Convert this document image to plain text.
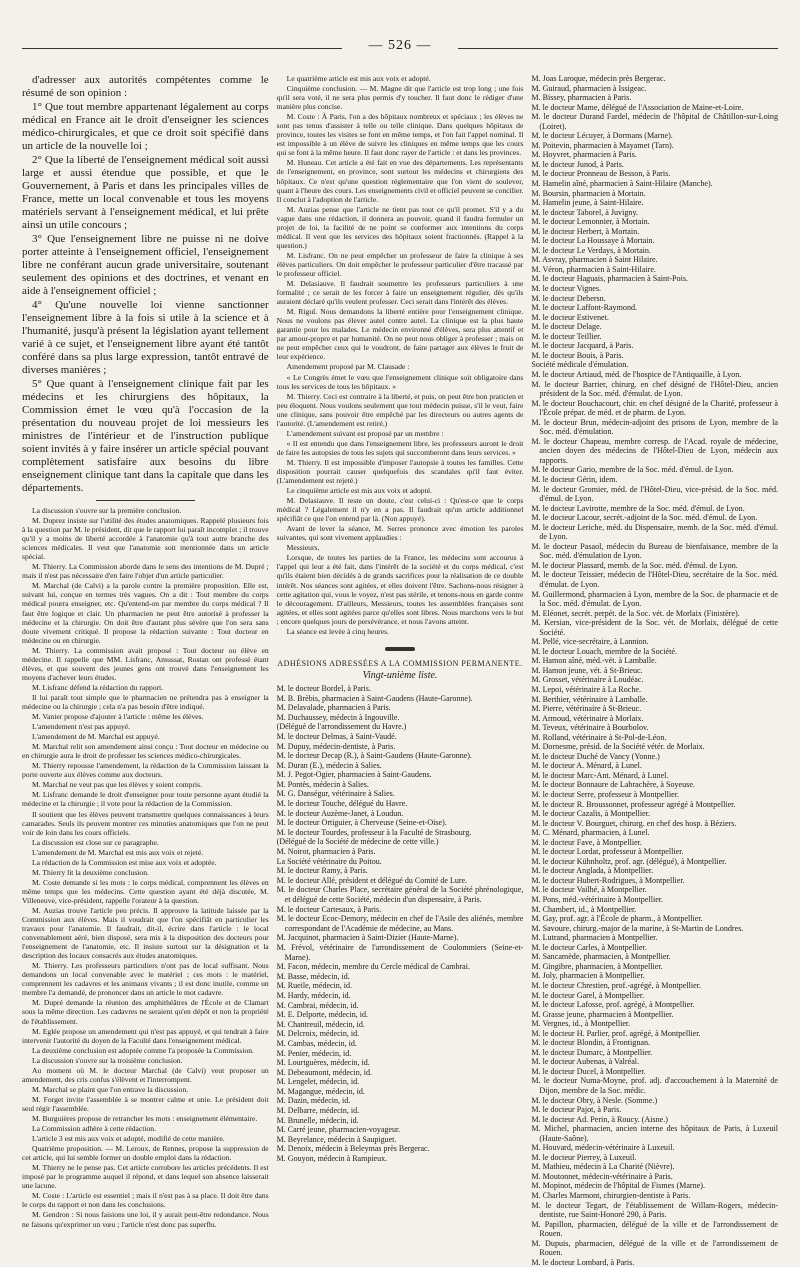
— 526 —

d'adresser aux autorités compétentes comme le résumé de son opinion :

1° Que tout membre appartenant légalement au corps médical en France ait le droit d'enseigner les sciences médico-chirurgicales, et que ce droit soit spécifié dans un article de la nouvelle loi ;

2° Que la liberté de l'enseignement médical soit aussi large et aussi étendue que possible, et que le Gouvernement, à Paris et dans les principales villes de France, mette un local convenable et tous les moyens matériels servant à l'enseignement médical, et lui prête ainsi un utile concours ;

3° Que l'enseignement libre ne puisse ni ne doive porter atteinte à l'enseignement officiel, l'enseignement libre ne conférant aucun grade universitaire, soutenant seulement des opinions et des doctrines, et venant en aide à l'enseignement officiel ;

4° Qu'une nouvelle loi vienne sanctionner l'enseignement libre à la fois si utile à la science et à l'humanité, jusqu'à présent la législation ayant tellement varié à ce sujet, et l'enseignement libre ayant été tantôt conféré dans sa plus large expression, tantôt entravé de diverses manières ;

5° Que quant à l'enseignement clinique fait par les médecins et les chirurgiens des hôpitaux, la Commission émet le vœu qu'à l'occasion de la présentation du nouveau projet de loi messieurs les ministres de l'intérieur et de l'instruction publique soient invités à y faire insérer un article spécial pouvant complètement satisfaire aux besoins du libre enseignement clinique tant dans la capitale que dans les départements.

La discussion s'ouvre sur la première conclusion.

M. Duprez insiste sur l'utilité des études anatomiques. Rappelé plusieurs fois à la question par M. le président, dit que le rapport lui paraît incomplet ; il trouve qu'il y a moins de liberté accordée à l'anatomie qu'à tout autre branche des sciences médicales. Il veut que l'anatomie soit mentionnée dans un article spécial.

M. Thierry. La Commission aborde dans le sens des intentions de M. Dupré ; mais il n'est pas nécessaire d'en faire l'objet d'un article particulier.

M. Marchal (de Calvi) a la parole contre la première proposition. Elle est, suivant lui, conçue en termes très vagues. On a dit : Tout membre du corps médical pourra enseigner, etc. Qu'entend-on par membre du corps médical ? Il faut être logique et clair. Un pharmacien ne peut être autorisé à professer la médecine et la chirurgie. On doit être d'autant plus sévère que l'on sera sans doute vivement critiqué. Il propose la rédaction suivante : Tout docteur en médecine ou en chirurgie.

M. Thierry. La commission avait proposé : Tout docteur ou élève en médecine. Il rappelle que MM. Lisfranc, Amussat, Rostan ont professé étant élèves, et que souvent des jeunes gens ont trouvé dans l'enseignement les moyens d'achever leurs études.

M. Lisfranc défend la rédaction du rapport.

Il lui paraît tout simple que le pharmacien ne prétendra pas à enseigner la médecine ou la chirurgie ; cela n'a pas besoin d'être indiqué.

M. Vanier propose d'ajouter à l'article : même les élèves.

L'amendement n'est pas appuyé.

L'amendement de M. Marchal est appuyé.

M. Marchal relit son amendement ainsi conçu : Tout docteur en médecine ou en chirurgie aura le droit de professer les sciences médico-chirurgicales.

M. Thierry repousse l'amendement, la rédaction de la Commission laissant la porte ouverte aux élèves comme aux docteurs.

M. Marchal ne veut pas que les élèves y soient compris.

M. Lisfranc demande le droit d'enseigner pour toute personne ayant étudié la médecine et la chirurgie ; il vote pour la rédaction de la Commission.

Il soutient que les élèves peuvent transmettre quelques connaissances à leurs camarades. Seuls ils peuvent montrer ces minuties anatomiques que l'on ne peut voir de loin dans les cours officiels.

La discussion est close sur ce paragraphe.

L'amendement de M. Marchal est mis aux voix et rejeté.

La rédaction de la Commission est mise aux voix et adoptée.

M. Thierry lit la deuxième conclusion.

M. Coste demande si les mots : le corps médical, comprennent les élèves en même temps que les médecins. Cette question ayant été déjà discutée, M. Villeneuve, vice-président, rappelle l'orateur à la question.

M. Auzias trouve l'article peu précis. Il approuve la latitude laissée par la Commission aux élèves. Mais il voudrait que l'on spécifiât en particulier les travaux pour l'anatomie. Il faudrait, dit-il, écrire dans l'article : le local convenablement aéré, bien disposé, sera mis à la disposition des docteurs pour l'enseignement de l'anatomie, etc. Il insiste surtout sur la désignation et la description des locaux consacrés aux études anatomiques.

M. Thierry. Les professeurs particuliers n'ont pas de local suffisant. Nous demandons un local convenable avec le matériel ; ces mots : le matériel, comprennent les cadavres et les animaux vivants ; il est donc inutile, comme un membre l'a demandé, de prononcer dans un article le mot cadavre.

M. Dupré demande la réunion des amphithéâtres de l'École et de Clamart sous la même direction. Les cadavres ne seraient qu'en dépôt et non la propriété de l'établissement.

M. Eglée propose un amendement qui n'est pas appuyé, et qui tendrait à faire intervenir l'autorité du doyen de la Faculté dans l'enseignement médical.

La deuxième conclusion est adoptée comme l'a proposée la Commission.

La discussion s'ouvre sur la troisième conclusion.

Au moment où M. le docteur Marchal (de Calvi) veut proposer un amendement, des cris confus s'élèvent et l'interrompent.

M. Marchal se plaint que l'on entrave la discussion.

M. Forget invite l'assemblée à se montrer calme et unie. Le président doit seul régir l'assemblée.

M. Burguières propose de retrancher les mots : enseignement élémentaire.

La Commission adhère à cette rédaction.

L'article 3 est mis aux voix et adopté, modifié de cette manière.

Quatrième proposition. — M. Leroux, de Rennes, propose la suppression de cet article, qui lui semble former un double emploi dans la rédaction.

M. Thierry ne le pense pas. Cet article corrobore les articles précédents. Il est imposé par le programme auquel il répond, et dans lequel son absence laisserait une lacune.

M. Coste : L'article est essentiel ; mais il n'est pas à sa place. Il doit être dans le corps du rapport et non dans les conclusions.

M. Gendron : Si nous faisions une loi, il y aurait peut-être redondance. Nous ne faisons qu'exprimer un vœu ; l'article n'est donc pas superflu.

Le quatrième article est mis aux voix et adopté.

Cinquième conclusion. — M. Magne dit que l'article est trop long ; une fois qu'il sera voté, il ne sera plus permis d'y toucher. Il faut donc le rédiger d'une manière plus concise.

M. Coste : À Paris, l'on a des hôpitaux nombreux et spéciaux ; les élèves ne sont pas tenus d'assister à telle ou telle clinique. Dans quelques hôpitaux de province, toutes les visites se font en même temps, et l'on fait l'appel nominal. Il est impossible à un élève de suivre les cliniques en même temps que les cours qui se font à la même heure. Il faut donc rayer de l'article : et dans les provinces.

M. Huneau. Cet article a été fait en vue des départements. Les représentants de l'enseignement, en province, sont surtout les médecins et chirurgiens des hôpitaux. Ce n'est qu'une question réglementaire que l'on vient de soulever, quant à l'heure des cours. Les enseignements civil et officiel peuvent se concilier. Il conclut à l'adoption de l'article.

M. Auzias pense que l'article ne tient pas tout ce qu'il promet. S'il y a du vague dans une rédaction, il donnera au pouvoir, quand il faudra formuler un projet de loi, la facilité de ne point se conformer aux intentions du corps médical. Il veut que les services des hôpitaux soient fractionnés. (Rappel à la question.)

M. Lisfranc. On ne peut empêcher un professeur de faire la clinique à ses élèves particuliers. On doit empêcher le professeur particulier d'être tracassé par le professeur officiel.

M. Delasiauve. Il faudrait soumettre les professeurs particuliers à une formalité ; ce serait de les forcer à faire un enseignement régulier, dès qu'ils auraient déclaré qu'ils veulent professer. Ceci serait dans l'intérêt des élèves.

M. Riguî. Nous demandons la liberté entière pour l'enseignement clinique. Nous ne voulons pas élever autel contre autel. La clinique est la plus haute garantie pour les malades. Le médecin environné d'élèves, sera plus attentif et par amour-propre et par humanité. On ne peut nous obliger à professer ; mais on ne peut empêcher ceux qui le voudront, de faire partager aux élèves le fruit de leur expérience.

Amendement proposé par M. Clausade :

« Le Congrès émet le vœu que l'enseignement clinique soit obligatoire dans tous les services de tous les hôpitaux. »

M. Thierry. Ceci est contraire à la liberté, et puis, on peut être bon praticien et peu éloquent. Nous voulons seulement que tout médecin puisse, s'il le veut, faire une clinique, sans pouvoir être empêché par les directeurs ou autres agents de l'autorité. (L'amendement est retiré.)

L'amendement suivant est proposé par un membre :

« Il est entendu que dans l'enseignement libre, les professeurs auront le droit de faire les autopsies de tous les sujets qui succomberont dans leurs services. »

M. Thierry. Il est impossible d'imposer l'autopsie à toutes les familles. Cette disposition pourrait causer quelquefois des scandales qu'il faut éviter. (L'amendement est rejeté.)

Le cinquième article est mis aux voix et adopté.

M. Delasiauve. Il reste un doute, c'est celui-ci : Qu'est-ce que le corps médical ? Légalement il n'y en a pas. Il faudrait qu'un article additionnel spécifiât ce que l'on entend par là. (Non appuyé).

Avant de lever la séance, M. Serres prononce avec émotion les paroles suivantes, qui sont vivement applaudies :

Messieurs,

Lorsque, de toutes les parties de la France, les médecins sont accourus à l'appel qui leur a été fait, dans l'intérêt de la société et du corps médical, c'est qu'ils étaient bien décidés à de grands sacrifices pour la réalisation de ce double intérêt. Nos séances sont agitées, et elles doivent l'être. Sachons-nous résigner à cette agitation qui, vous le voyez, n'est pas stérile, et tenons-nous en garde contre le découragement. D'ailleurs, Messieurs, toutes les assemblées françaises sont agitées, et elles sont agitées parce qu'elles sont libres. Nous marchons vers le but ; encore quelques jours de persévérance, et nous l'avons atteint.

La séance est levée à cinq heures.

ADHÉSIONS ADRESSÉES A LA COMMISSION PERMANENTE.
Vingt-unième liste.
M. le docteur Bordel, à Paris.
M. B. Brèbis, pharmacien à Saint-Gaudens (Haute-Garonne).
M. Delavalade, pharmacien à Paris.
M. Duchaussey, médecin à Ingouville.
(Délégué de l'arrondissement du Havre.)
M. le docteur Delmas, à Saint-Vaudé.
M. Dupuy, médecin-dentiste, à Paris.
M. le docteur Decap (R.), à Saint-Gaudens (Haute-Garonne).
M. Duran (E.), médecin à Salies.
M. J. Pegot-Ogier, pharmacien à Saint-Gaudens.
M. Pontès, médecin à Salies.
M. G. Danségur, vétérinaire à Salies.
M. le docteur Touche, délégué du Havre.
M. le docteur Auzème-Janet, à Loudun.
M. le docteur Ortiguier, à Cherveuse (Seine-et-Oise).
M. le docteur Tourdes, professeur à la Faculté de Strasbourg.
(Délégué de la Société de médecine de cette ville.)
M. Noirot, pharmacien à Paris.
La Société vétérinaire du Poitou.
M. le docteur Ramy, à Paris.
M. le docteur Allé, président et délégué du Comité de Lure.
M. le docteur Charles Place, secrétaire général de la Société phrénologique, et délégué de cette Société, médecin d'un dispensaire, à Paris.
M. le docteur Cartesaux, à Paris.
M. le docteur Ecoc-Demory, médecin en chef de l'Asile des aliénés, membre correspondant de l'Académie de médecine, au Mans.
M. Jacquinot, pharmacien à Saint-Dizier (Haute-Marne).
M. Frévol, vétérinaire de l'arrondissement de Coulommiers (Seine-et-Marne).
M. Facon, médecin, membre du Cercle médical de Cambrai.
M. Basse, médecin, id.
M. Rueile, médecin, id.
M. Hardy, médecin, id.
M. Cambrai, médecin, id.
M. E. Delporte, médecin, id.
M. Chantreuil, médecin, id.
M. Delcroix, médecin, id.
M. Cambas, médecin, id.
M. Penier, médecin, id.
M. Lourtguères, médecin, id.
M. Debeaumont, médecin, id.
M. Lengelet, médecin, id.
M. Magangue, médecin, id.
M. Dazin, médecin, id.
M. Delbarre, médecin, id.
M. Brunelle, médecin, id.
M. Carré jeune, pharmacien-voyageur.
M. Beyrelance, médecin à Saupiguet.
M. Denoix, médecin à Beleymas près Bergerac.
M. Gouyon, médecin à Rampieux.
M. Joas Laroque, médecin près Bergerac.
M. Guiraud, pharmacien à Issigeac.
M. Bissey, pharmacien à Paris.
M. le docteur Mame, délégué de l'Association de Maine-et-Loire.
M. le docteur Durand Fardel, médecin de l'hôpital de Châtillon-sur-Loing (Loiret).
M. le docteur Lécuyer, à Dormans (Marne).
M. Poitevin, pharmacien à Mayamet (Tarn).
M. Hoyvret, pharmacien à Paris.
M. le docteur Junod, à Paris.
M. le docteur Pronneau de Besson, à Paris.
M. Hamelin aîné, pharmacien à Saint-Hilaire (Manche).
M. Boursin, pharmacien à Mortain.
M. Hamelin jeune, à Saint-Hilaire.
M. le docteur Taborel, à Juvigny.
M. le docteur Lemonnier, à Mortain.
M. le docteur Herbert, à Mortain.
M. le docteur La Houssaye à Mortain.
M. le docteur Le Verdays, à Mortain.
M. Asvray, pharmacien à Saint Hilaire.
M. Véron, pharmacien à Saint-Hilaire.
M. le docteur Haguais, pharmacien à Saint-Pois.
M. le docteur Vignes.
M. le docteur Debersn.
M. le docteur Laffont-Raymond.
M. le docteur Estivenet.
M. le docteur Delage.
M. le docteur Teillier.
M. le docteur Jacquard, à Paris.
M. le docteur Bouis, à Paris.
Société médicale d'émulation.
M. le docteur Artiaud, méd. de l'hospice de l'Antiquaille, à Lyon.
M. le docteur Barrier, chirurg. en chef désigné de l'Hôtel-Dieu, ancien président de la Soc. méd. d'émulat. de Lyon.
M. le docteur Bouchacourt, chir. en chef désigné de la Charité, professeur à l'École prépar. de méd. et de pharm. de Lyon.
M. le docteur Brun, médecin-adjoint des prisons de Lyon, membre de la Soc. méd. d'émulation.
M. le docteur Chapeau, membre corresp. de l'Acad. royale de médecine, ancien doyen des médecins de l'Hôtel-Dieu de Lyon, médecin aux rapports.
M. le docteur Gario, membre de la Soc. méd. d'émul. de Lyon.
M. le docteur Gérin, idem.
M. le docteur Gromier, méd. de l'Hôtel-Dieu, vice-présid. de la Soc. méd. d'émul. de Lyon.
M. le docteur Lavirotte, membre de la Soc. méd. d'émul. de Lyon.
M. le docteur Lacour, secrét.-adjoint de la Soc. méd. d'émul. de Lyon.
M. le docteur Leriche, méd. du Dispensaire, memb. de la Soc. méd. d'émul. de Lyon.
M. le docteur Pasaol, médecin du Bureau de bienfaisance, membre de la Soc. méd. d'émulation de Lyon.
M. le docteur Plassard, memb. de la Soc. méd. d'émul. de Lyon.
M. le docteur Teissier, médecin de l'Hôtel-Dieu, secrétaire de la Soc. méd. d'émulat. de Lyon.
M. Guillermond, pharmacien à Lyon, membre de la Soc. de pharmacie et de la Soc. méd. d'émulat. de Lyon.
M. Eléonet, secrét. perpét. de la Soc. vét. de Morlaix (Finistère).
M. Kersian, vice-président de la Soc. vét. de Morlaix, délégué de cette Société.
M. Pellé, vice-secrétaire, à Lannion.
M. le docteur Louach, membre de la Société.
M. Hamon aîné, méd.-vét. à Lamballe.
M. Hamon jeune, vét. à St-Brieuc.
M. Grosset, vétérinaire à Loudéac.
M. Lepoi, vétérinaire à La Roche.
M. Berthier, vétérinaire à Lamballe.
M. Pierre, vétérinaire à St-Brieuc.
M. Armoud, vétérinaire à Morlaix.
M. Teveux, vétérinaire à Bourbolov.
M. Rolland, vétérinaire à St-Pol-de-Léon.
M. Dornesme, présid. de la Société vétér. de Morlaix.
M. le docteur Duché de Vancy (Yonne.)
M. le docteur A. Ménard, à Lunel.
M. le docteur Marc-Ant. Ménard, à Lunel.
M. le docteur Bonnaure de Labrachère, à Soyeuse.
M. le docteur Serre, professeur à Montpellier.
M. le docteur R. Broussonnet, professeur agrégé à Montpellier.
M. le docteur Cazalis, à Montpellier.
M. le docteur V. Bourguet, chirurg. en chef des hosp. à Béziers.
M. C. Ménard, pharmacien, à Lunel.
M. le docteur Fave, à Montpellier.
M. le docteur Lordat, professeur à Montpellier.
M. le docteur Kühnholtz, prof. agr. (délégué), à Montpellier.
M. le docteur Anglada, à Montpellier.
M. le docteur Hubert-Rodrigues, à Montpellier.
M. le docteur Vailhé, à Montpellier.
M. Pons, méd.-vétérinaire à Montpellier.
M. Chambert, id., à Montpellier.
M. Gay, prof. agr. à l'École de pharm., à Montpellier.
M. Savoure, chirurg.-major de la marine, à St-Martin de Londres.
M. Lutrand, pharmacien à Montpellier.
M. le docteur Carles, à Montpellier.
M. Sancamède, pharmacien, à Montpellier.
M. Gingibre, pharmacien, à Montpellier.
M. Joly, pharmacien à Montpellier.
M. le docteur Chrestien, prof.-agrégé, à Montpellier.
M. le docteur Garel, à Montpellier.
M. le docteur Lafosse, prof. agrégé, à Montpellier.
M. Grasse jeune, pharmacien à Montpellier.
M. Vergnes, id., à Montpellier.
M. le docteur H. Parlier, prof. agrégé, à Montpellier.
M. le docteur Blondin, à Frontignan.
M. le docteur Dumarc, à Montpellier.
M. le docteur Aubenas, à Valréal.
M. le docteur Ducel, à Montpellier.
M. le docteur Numa-Moyne, prof. adj. d'accouchement à la Maternité de Dijon, membre de la Soc. médic.
M. le docteur Obry, à Nesle. (Somme.)
M. le docteur Pajot, à Paris.
M. le docteur Ad. Perin, à Roucy. (Aisne.)
M. Michel, pharmacien, ancien interne des hôpitaux de Paris, à Luxeuil (Haute-Saône).
M. Houvard, médecin-vétérinaire à Luxeuil.
M. le docteur Pierrey, à Luxeuil.
M. Mathieu, médecin à La Charité (Nièvre).
M. Moutonnet, médecin-vétérinaire à Paris.
M. Mopinot, médecin de l'hôpital de Fismes (Marne).
M. Charles Marmont, chirurgien-dentiste à Paris.
M. le docteur Tegart, de l'établissement de Willam-Rogers, médecin-dentiste, rue Saint-Honoré 290, à Paris.
M. Papillon, pharmacien, délégué de la ville et de l'arrondissement de Rouen.
M. Dupuis, pharmacien, délégué de la ville et de l'arrondissement de Rouen.
M. le docteur Lombard, à Paris.
